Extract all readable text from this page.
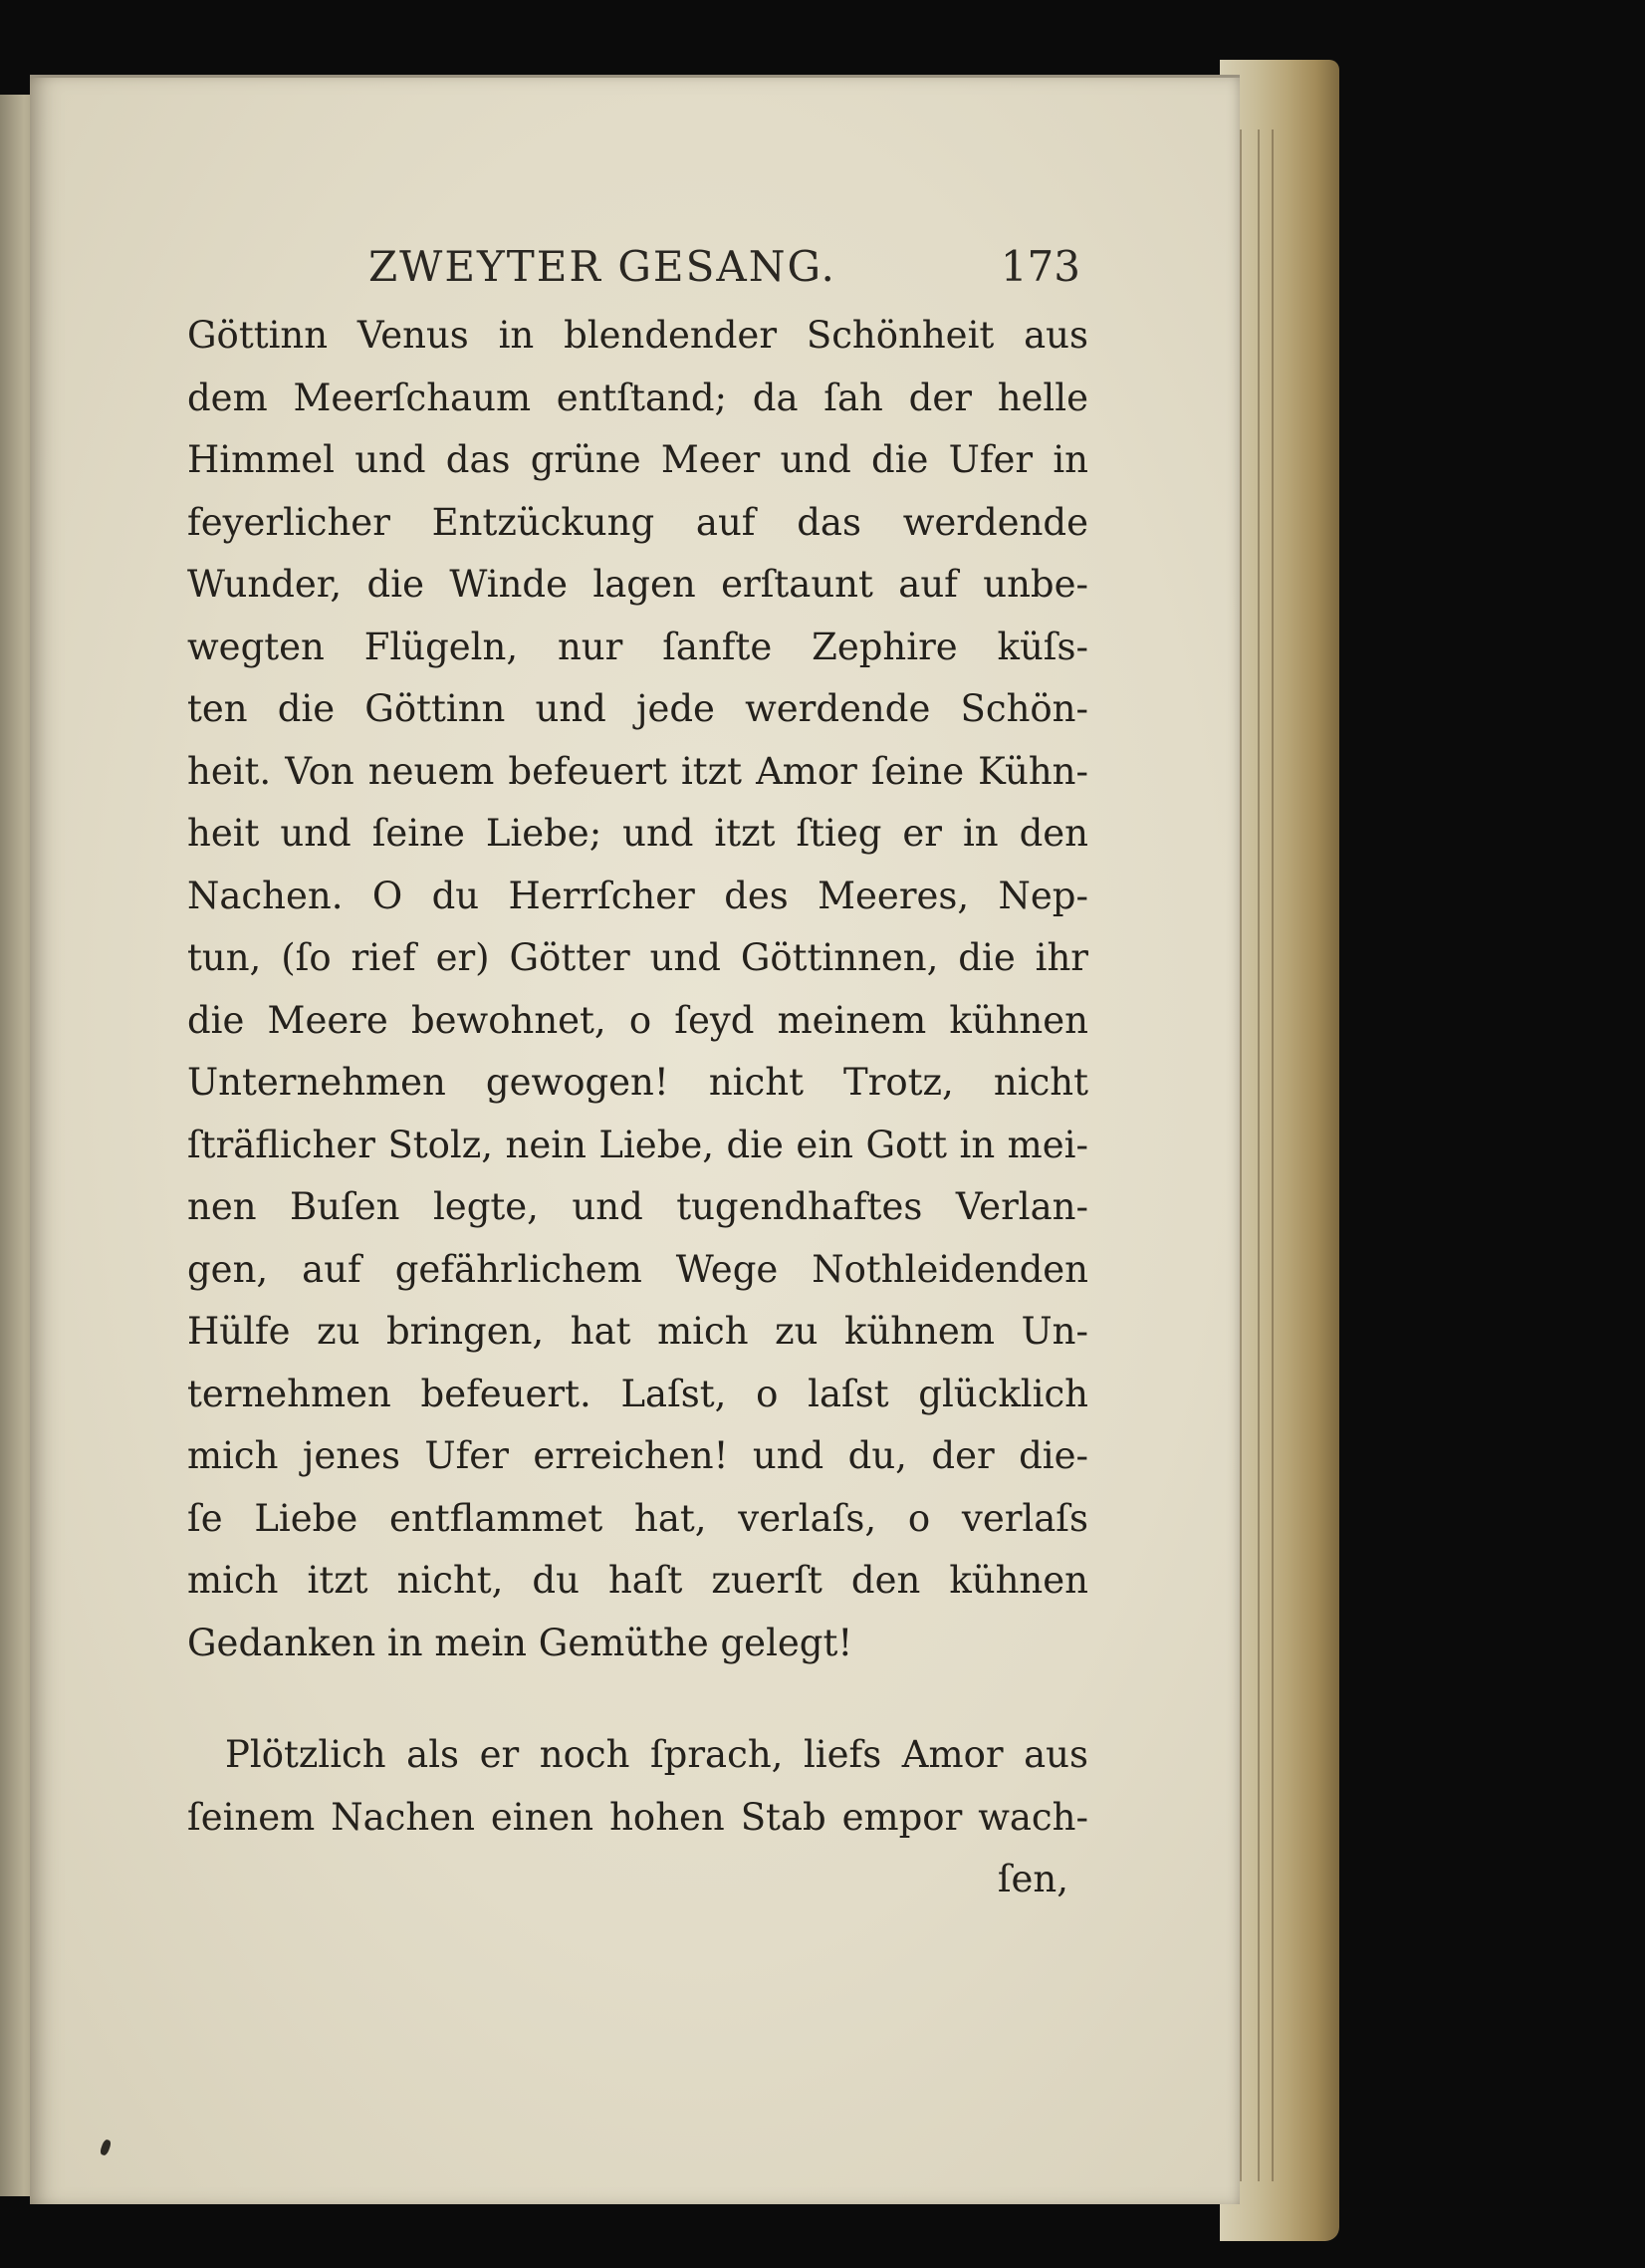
ZWEYTER GESANG.	173
Göttinn Venus in blendender Schönheit aus
dem Meerſchaum entſtand; da ſah der helle
Himmel und das grüne Meer und die Ufer in
feyerlicher Entzückung auf das werdende
Wunder, die Winde lagen erſtaunt auf unbe-
wegten Flügeln, nur ſanfte Zephire küſs-
ten die Göttinn und jede werdende Schön-
heit. Von neuem befeuert itzt Amor ſeine Kühn-
heit und ſeine Liebe; und itzt ſtieg er in den
Nachen. O du Herrſcher des Meeres, Nep-
tun, (ſo rief er) Götter und Göttinnen, die ihr
die Meere bewohnet, o ſeyd meinem kühnen
Unternehmen gewogen! nicht Trotz, nicht
ſträflicher Stolz, nein Liebe, die ein Gott in mei-
nen Buſen legte, und tugendhaftes Verlan-
gen, auf gefährlichem Wege Nothleidenden
Hülfe zu bringen, hat mich zu kühnem Un-
ternehmen befeuert. Laſst, o laſst glücklich
mich jenes Ufer erreichen! und du, der die-
ſe Liebe entflammet hat, verlaſs, o verlaſs
mich itzt nicht, du haſt zuerſt den kühnen
Gedanken in mein Gemüthe gelegt!
Plötzlich als er noch ſprach, liefs Amor aus
ſeinem Nachen einen hohen Stab empor wach-
ſen,
